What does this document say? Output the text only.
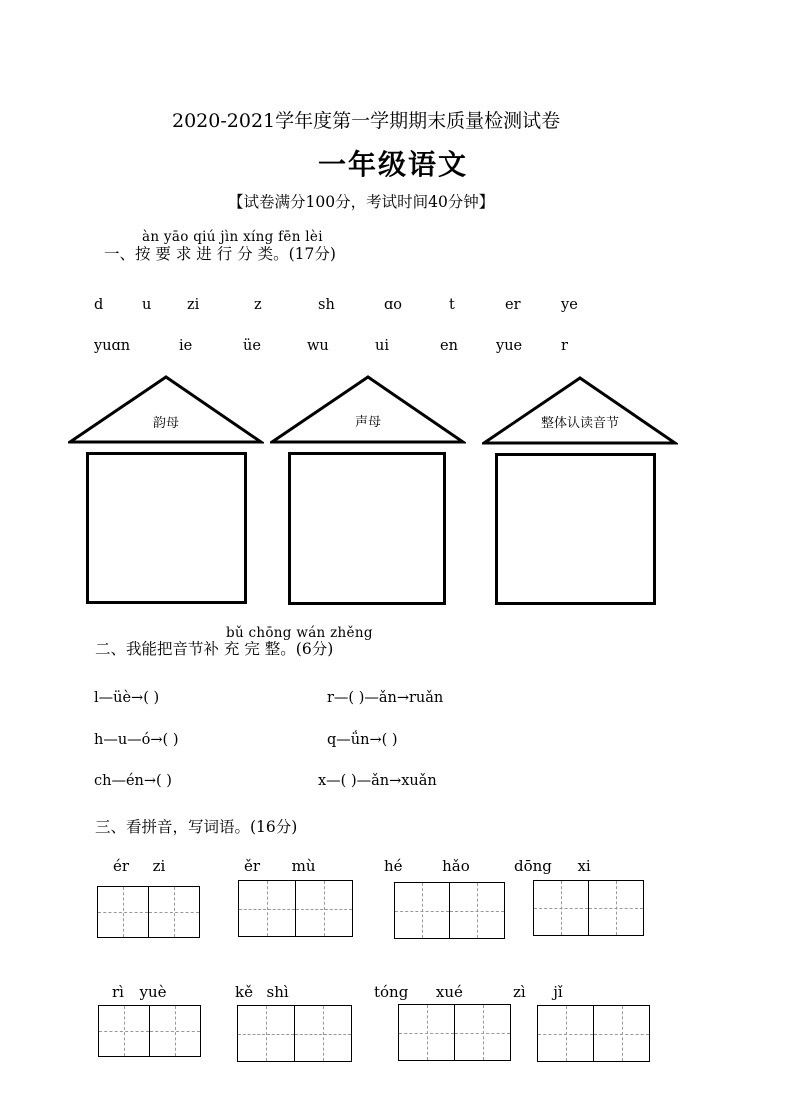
2020-2021学年度第一学期期末质量检测试卷
一年级语文
【试卷满分100分，考试时间40分钟】
àn yāo qiú jìn xíng fēn lèi
一、按 要 求 进 行 分 类。(17分)
d	u zi	z	sh	ɑo	t	er	ye
yuɑn	ie	üe	wu	ui	en	yue	r
韵母	声母	整体认读音节
bǔ chōng wán zhěng
二、我能把音节补 充 完 整。(6分)
l—üè→( )	r—( )—ǎn→ruǎn
h—u—ó→( )	q—ǘn→( )
ch—én→( )	x—( )—ǎn→xuǎn
三、看拼音，写词语。(16分)
ér zi	ěr mù	hé	hǎo	dōng xi
rì yuè	kě shì	tóng xué	zì jǐ
